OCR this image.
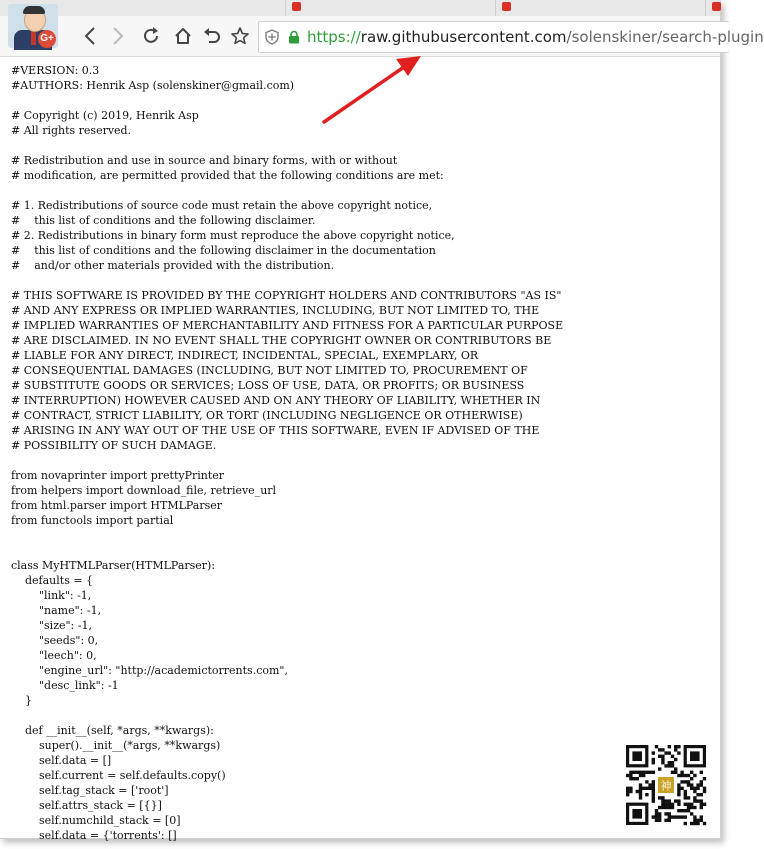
https://raw.githubusercontent.com/solenskiner/search-plugin
#VERSION: 0.3
#AUTHORS: Henrik Asp (solenskiner@gmail.com)

# Copyright (c) 2019, Henrik Asp
# All rights reserved.

# Redistribution and use in source and binary forms, with or without
# modification, are permitted provided that the following conditions are met:

# 1. Redistributions of source code must retain the above copyright notice,
#    this list of conditions and the following disclaimer.
# 2. Redistributions in binary form must reproduce the above copyright notice,
#    this list of conditions and the following disclaimer in the documentation
#    and/or other materials provided with the distribution.

# THIS SOFTWARE IS PROVIDED BY THE COPYRIGHT HOLDERS AND CONTRIBUTORS "AS IS"
# AND ANY EXPRESS OR IMPLIED WARRANTIES, INCLUDING, BUT NOT LIMITED TO, THE
# IMPLIED WARRANTIES OF MERCHANTABILITY AND FITNESS FOR A PARTICULAR PURPOSE
# ARE DISCLAIMED. IN NO EVENT SHALL THE COPYRIGHT OWNER OR CONTRIBUTORS BE
# LIABLE FOR ANY DIRECT, INDIRECT, INCIDENTAL, SPECIAL, EXEMPLARY, OR
# CONSEQUENTIAL DAMAGES (INCLUDING, BUT NOT LIMITED TO, PROCUREMENT OF
# SUBSTITUTE GOODS OR SERVICES; LOSS OF USE, DATA, OR PROFITS; OR BUSINESS
# INTERRUPTION) HOWEVER CAUSED AND ON ANY THEORY OF LIABILITY, WHETHER IN
# CONTRACT, STRICT LIABILITY, OR TORT (INCLUDING NEGLIGENCE OR OTHERWISE)
# ARISING IN ANY WAY OUT OF THE USE OF THIS SOFTWARE, EVEN IF ADVISED OF THE
# POSSIBILITY OF SUCH DAMAGE.

from novaprinter import prettyPrinter
from helpers import download_file, retrieve_url
from html.parser import HTMLParser
from functools import partial

class MyHTMLParser(HTMLParser):
defaults = {
"link": -1,
"name": -1,
"size": -1,
"seeds": 0,
"leech": 0,
"engine_url": "http://academictorrents.com",
"desc_link": -1
}

def __init__(self, *args, **kwargs):
super().__init__(*args, **kwargs)
self.data = []
self.current = self.defaults.copy()
self.tag_stack = ['root']
self.attrs_stack = [{}]
self.numchild_stack = [0]
self.data = {'torrents': []

神
G+
